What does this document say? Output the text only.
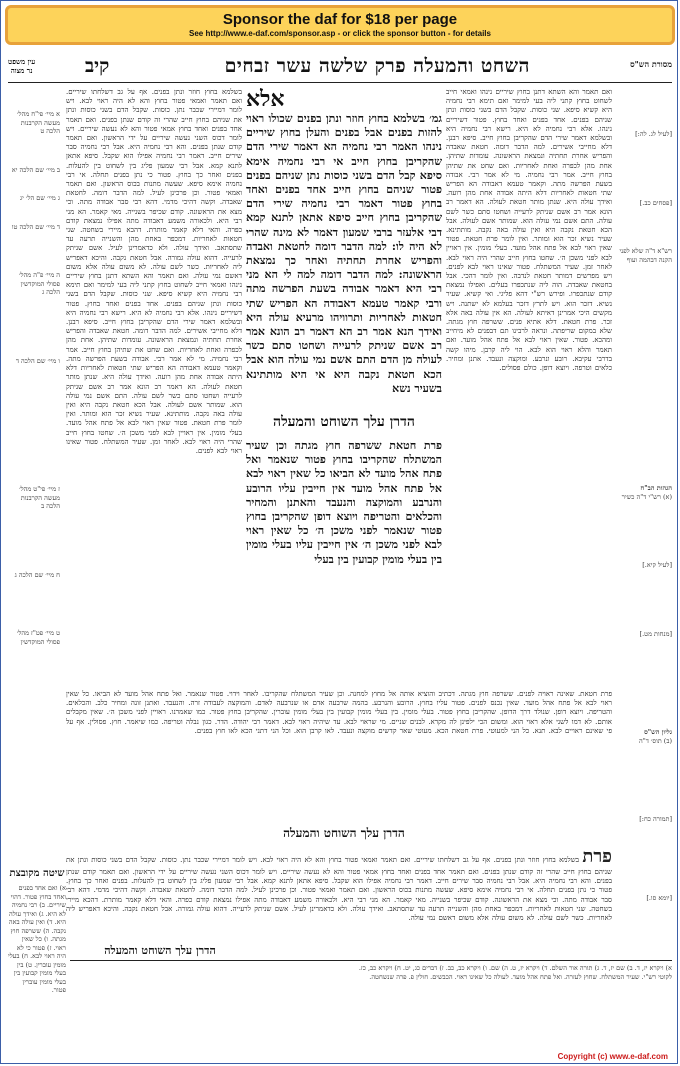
Sponsor the daf for $18 per page
See http://www.e-daf.com/sponsor.asp - or click the sponsor button - for details
מסורת הש"ס
השחט והמעלה פרק שלשה עשר זבחים
קיב
עין משפט
נר מצוה
[לעיל לג. לה:]
[פסחים כב.]
רש"א ד"ה שלא לפני הקנה דבהמה ועוף
הגהות הב"ח
(א) רש"י ד"ה כשיר
[לעיל קיא.]
[מנחות מט.]
גליון הש"ס
(ב) תוס׳ ד"ה
[תמורה כח:]
[יומא סו.]
ואם תאמר והא השתא דתנן בחוץ שיריים נינהו ואמאי חייב לשחוט בחוץ קתני ליה בעי למימר ואם תימא רבי נחמיה היא קשיא סיפא. שני כוסות. שקבל הדם בשני כוסות ונתן שניהם בפנים. אחד בפנים ואחד בחוץ. פטור דשיריים נינהו. אלא רבי נחמיה לא היא. רישא רבי נחמיה היא ובשלמא דאמר שירי הדם שהקריבן בחוץ חייב. סיפא רבנן. דלא מחייבי אשירים. למה הדבר דומה. חטאת שאבדה והפריש אחרת תחתיה ונמצאת הראשונה. עומדות שתיהן. אחת מהן לכפרה ואחת לאחריות. ואם שחט את שתיהן בחוץ חייב. אמר רבי נחמיה. מי לא אמר רבי. אבודה בשעת הפרשה מתה. וקאמר טעמא דאבודה הא הפריש שתי חטאות לאחריות דלא היתה אבודה אחת מהן רועה. ואידך עולה היא. שנתן מותר חטאת לעולה. הא דאמר רב הונא אמר רב אשם שניתק לרעייה ושחטו סתם כשר לשם עולה. התם אשם נמי עולה הוא. שמותר אשם לעולה. אבל הכא חטאת נקבה היא ואין עולה באה נקבה. מותתינא. שעיר נשיא זכר הוא ומותר. ואין לומר פרת חטאת. פטור שאין ראוי לבא אל פתח אהל מועד. בעלי מומין. אין ראויין לבא לפני משכן ה׳. שחטו בחוץ חייב שהרי היה ראוי לבא. לאחר זמן. שעיר המשתלח. פטור שאינו ראוי לבא לפנים. ויש מפרשים דמותר חטאת לנדבה. ואין לומר דהכי. אבל בחטאת שאבדה. הוה ליה שנתכפרו בעלים. ואפילו נמצאת קודם שנתכפרו. ופירש רש"י דהא פליגי. ואי קשיא. שעיר נשיא. דזכר הוא. ויש לתרץ דזכר בעלמא לא ישתנה. ויש מקשים היכי אמרינן דאיתא לעולה. הא אין עולה באה אלא זכר. פרת חטאת. דלא אתיא פנים. ששרפה חוץ מגתה. שלא במקום שריפתה. ונראה לרבינו תם דבפנים לא מיחייב ומהכא. פטור. שאין ראוי לבא אל פתח אהל מועד. ואם תאמר והלא ראוי הוא לבא. הוי ליה קרבן. מיהו קשה בדרבי עקיבא. רובע ונרבע. ומוקצה ונעבד. אתנן ומחיר. כלאים וטרפה. ויוצא דופן. כולם פסולים.
אלא
גמ׳ בשלמא בחוץ חוזר ונתן בפנים שכולו ראוי להזות בפנים אבל בפנים והעלן בחוץ שיריים נינהו האמר רבי נחמיה הא דאמר שירי הדם שהקריבן בחוץ חייב אי רבי נחמיה אימא סיפא קבל הדם בשני כוסות נתן שניהם בפנים פטור שניהם בחוץ חייב אחד בפנים ואחד בחוץ פטור דאמר רבי נחמיה שירי הדם שהקריבן בחוץ חייב סיפא אתאן לתנא קמא דבי אלעזר ברבי שמעון דאמר לא מינה שהרי לא היה לו: למה הדבר דומה לחטאת ואבדה והפריש אחרת תחתיה ואחר כך נמצאת הראשונה: למה הדבר דומה למה לי הא מני רבי היא דאמר אבודה בשעת הפרשה מתה ורבי קאמר טעמא דאבודה הא הפריש שתי חטאות לאחריות ותרוויהו מרעיא עולה היא ואידך הנא אמר רב הא דאמר רב הונא אמר רב אשם שניתק לרעייה ושחטו סתם כשר לעולה מן הדם התם אשם נמי עולה הוא אבל הכא חטאת נקבה היא אי היא מותתינא בשעיר נשא
הדרן עלך השוחט והמעלה
פרת חטאת ששרפה חוץ מגתה וכן שעיר המשתלח שהקריבו בחוץ פטור שנאמר ואל פתח אהל מועד לא הביאו כל שאין ראוי לבא אל פתח אהל מועד אין חייבין עליו הרובע והנרבע והמוקצה והנעבד והאתנן והמחיר והכלאים והטריפה ויוצא דופן שהקריבן בחוץ פטור שנאמר לפני משכן ה׳ כל שאין ראוי לבא לפני משכן ה׳ אין חייבין עליו בעלי מומין בין בעלי מומין קבועין בין בעלי
בשלמא בחוץ חוזר ונתן בפנים. אף על גב דשלחתו שיריים. ואם תאמר ואמאי פטור בחוץ והא לא היה ראוי לבא. ויש לומר דמיירי שכבר נתן. כוסות. שקבל הדם בשני כוסות ונתן את שניהם בחוץ חייב שהרי זה קודם שנתן בפנים. ואם תאמר אחד בפנים ואחד בחוץ אמאי פטור והא לא נעשה שיריים. ויש לומר דכוס השני נעשה שיריים על ידי הראשון. ואם תאמר קודם שנתן בפנים. והא רבי נחמיה היא. אבל רבי נחמיה סבר שירים חייב. דאמר רבי נחמיה אפילו הוא שקבל. סיפא אתאן לתנא קמא. אבל רבי שמעון פליג בין לשחוט בין להעלות. בפנים ואחר כך בחוץ. פטור כי נתן בפנים תחלה. אי רבי נחמיה אימא סיפא. שעשה מתנות בכוס הראשון. ואם תאמר ואמאי פטור. וכן פרכינן לעיל. למה הדבר דומה. לחטאת שאבדה. וקשה דהיכי מדמי. דהא רבי סבר אבודה מתה. וכי מצא את הראשונה. קודם שכיפר בשנייה. מאי קאמר. הא מני רבי היא. ולכאורה משמע דאבודה מתה אפילו נמצאת קודם כפרה. והאי דלא קאמר מותרת. דהכא מיירי בשחטה. שני חטאות לאחריות. דמכפר באחת מהן והשנייה תרעה עד שתסתאב. ואידך עולה. ולא כדאמרינן לעיל. אשם שניתק לרעייה. דהוא עולה גמורה. אבל חטאת נקבה. והיכא דאפריש ליה לאחריות. כשר לשם עולה. לא משום עולה אלא משום דאשם נמי עולה. ואם תאמר והא השתא דתנן בחוץ שיריים נינהו ואמאי חייב לשחוט בחוץ קתני ליה בעי למימר ואם תימא רבי נחמיה היא קשיא סיפא. שני כוסות. שקבל הדם בשני כוסות ונתן שניהם בפנים. אחד בפנים ואחד בחוץ. פטור דשיריים נינהו. אלא רבי נחמיה לא היא. רישא רבי נחמיה היא ובשלמא דאמר שירי הדם שהקריבן בחוץ חייב. סיפא רבנן. דלא מחייבי אשירים. למה הדבר דומה. חטאת שאבדה והפריש אחרת תחתיה ונמצאת הראשונה. עומדות שתיהן. אחת מהן לכפרה ואחת לאחריות. ואם שחט את שתיהן בחוץ חייב. אמר רבי נחמיה. מי לא אמר רבי. אבודה בשעת הפרשה מתה. וקאמר טעמא דאבודה הא הפריש שתי חטאות לאחריות דלא היתה אבודה אחת מהן רועה. ואידך עולה היא. שנתן מותר חטאת לעולה. הא דאמר רב הונא אמר רב אשם שניתק לרעייה ושחטו סתם כשר לשם עולה. התם אשם נמי עולה הוא. שמותר אשם לעולה. אבל הכא חטאת נקבה היא ואין עולה באה נקבה. מותתינא. שעיר נשיא זכר הוא ומותר. ואין לומר פרת חטאת. פטור שאין ראוי לבא אל פתח אהל מועד. בעלי מומין. אין ראויין לבא לפני משכן ה׳. שחטו בחוץ חייב שהרי היה ראוי לבא. לאחר זמן. שעיר המשתלח. פטור שאינו ראוי לבא לפנים.
א מיי׳ פי"ח מהל׳ מעשה הקרבנות הלכה ט
ב מיי׳ שם הלכה יא
ג מיי׳ שם הל׳ יג
ד מיי׳ שם הלכה טו
ה מיי׳ פ"ה מהל׳ פסולי המוקדשין הלכה ג
ו מיי׳ שם הלכה ד
ז מיי׳ פי"ט מהל׳ מעשה הקרבנות הלכה ב
ח מיי׳ שם הלכה ג
ט מיי׳ פט"ז מהל׳ פסולי המוקדשין
שיטה מקובצת
א) ואם אחד בפנים ואחד בחוץ פטור. דהוי שיריים. ב) רבי נחמיה לא היא. ג) ואידך עולה היא. ד) ואין עולה באה נקבה. ה) ששרפה חוץ מגתה. ו) כל שאין ראוי. ז) פטור כי לא היה ראוי לבא. ח) בעלי מומין עוברין. ט) בין בעלי מומין קבועין בין בעלי מומין עוברין פטור.
פרת חטאת. שאינה ראויה לפנים. ששרפה חוץ מגתה. דכתיב והוציא אותה אל מחוץ למחנה. וכן שעיר המשתלח שהקריבו. לאחר וידוי. פטור שנאמר. ואל פתח אהל מועד לא הביאו. כל שאין ראוי לבא אל פתח אהל מועד. שאין נכנס לפנים. פטור עליו בחוץ. הרובע והנרבע. בהמה שרבעה אדם או שנרבעה לאדם. והמוקצה לעבודה זרה. והנעבד. ואתנן זונה ומחיר כלב. והכלאים. והטריפה. ויוצא דופן. שנולד דרך הדופן. שהקריבן בחוץ פטור. בעלי מומין. בין בעלי מומין קבועין בין בעלי מומין עוברין. שהקריבן בחוץ פטור. כמו שאמרנו. ראויין לפני משכן ה׳. שאין מקבלים אותם. לא דמו לשני אלא ראוי הוא. ומשום הכי ילפינן לה מקרא. לבנים שניים. מי שראוי לבא. עד שיהיה ראוי לבא. דאמר רבי יהודה. הדר. כגון נבלה וטריפה. כמו שיאמר. חוץ. פסולין. אף על פי שאינם ראויים לבא. תנא. כל הני למעוטי. פרת חטאת הכא. מעוטי שאר קדשים מוקצה ונעבד. לאו קרבן הוא. וכל הני דתני הכא לאו חוץ בפנים.
הדרן עלך השוחט והמעלה
פרת בשלמא בחוץ חוזר ונתן בפנים. אף על גב דשלחתו שיריים. ואם תאמר ואמאי פטור בחוץ והא לא היה ראוי לבא. ויש לומר דמיירי שכבר נתן. כוסות. שקבל הדם בשני כוסות ונתן את שניהם בחוץ חייב שהרי זה קודם שנתן בפנים. ואם תאמר אחד בפנים ואחד בחוץ אמאי פטור והא לא נעשה שיריים. ויש לומר דכוס השני נעשה שיריים על ידי הראשון. ואם תאמר קודם שנתן בפנים. והא רבי נחמיה היא. אבל רבי נחמיה סבר שירים חייב. דאמר רבי נחמיה אפילו הוא שקבל. סיפא אתאן לתנא קמא. אבל רבי שמעון פליג בין לשחוט בין להעלות. בפנים ואחר כך בחוץ. פטור כי נתן בפנים תחלה. אי רבי נחמיה אימא סיפא. שעשה מתנות בכוס הראשון. ואם תאמר ואמאי פטור. וכן פרכינן לעיל. למה הדבר דומה. לחטאת שאבדה. וקשה דהיכי מדמי. דהא רבי סבר אבודה מתה. וכי מצא את הראשונה. קודם שכיפר בשנייה. מאי קאמר. הא מני רבי היא. ולכאורה משמע דאבודה מתה אפילו נמצאת קודם כפרה. והאי דלא קאמר מותרת. דהכא מיירי בשחטה. שני חטאות לאחריות. דמכפר באחת מהן והשנייה תרעה עד שתסתאב. ואידך עולה. ולא כדאמרינן לעיל. אשם שניתק לרעייה. דהוא עולה גמורה. אבל חטאת נקבה. והיכא דאפריש ליה לאחריות. כשר לשם עולה. לא משום עולה אלא משום דאשם נמי עולה.
הדרן עלך השוחט והמעלה
א) ויקרא יז, ד. ב) שם יז, ד. ג) תורה אור השלם. ד) ויקרא יז, ט. ה) שם. ו) ויקרא כב, כב. ז) דברים כג, יט. ח) ויקרא כב, כז.
לקוטי רש"י. שעיר המשתלח. שחוץ לעזרה. ואל פתח אהל מועד. לעולה כל שאינו ראוי. הכבשים. חולין פ. פרה שנשחטה.
Copyright (c) www.e-daf.com
